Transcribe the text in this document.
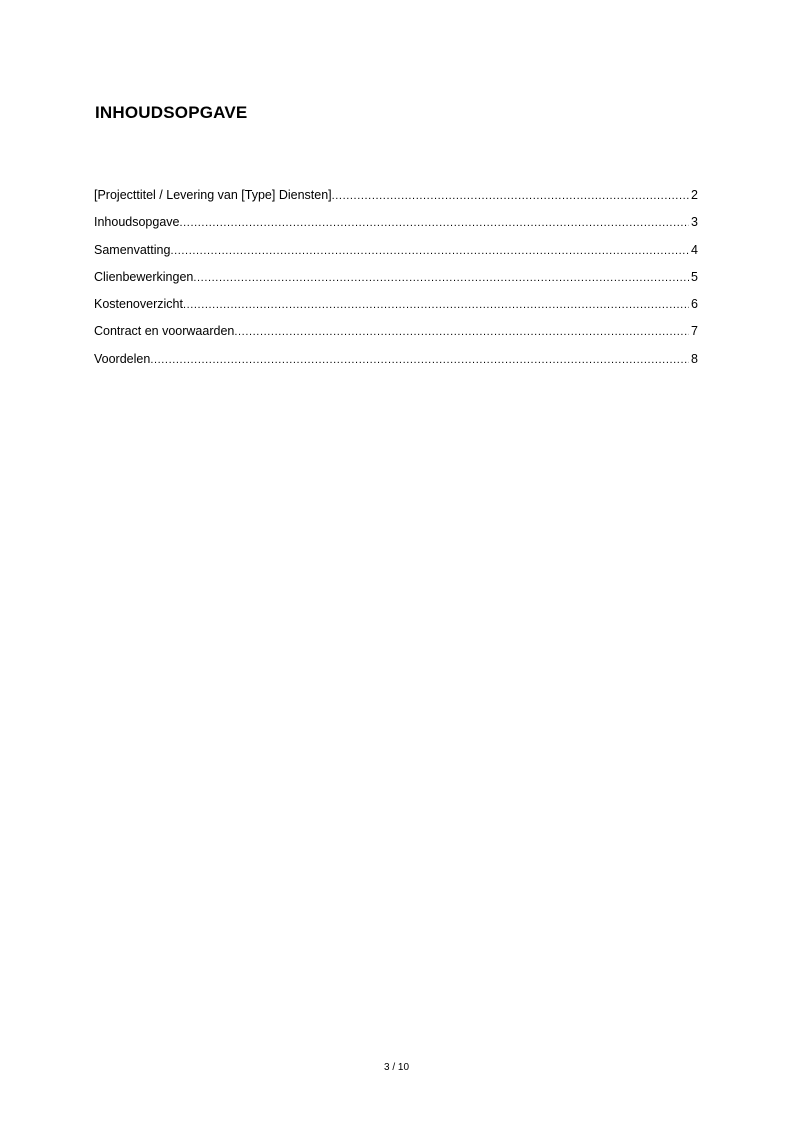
INHOUDSOPGAVE
[Projecttitel / Levering van [Type] Diensten] .....	2
Inhoudsopgave .....	3
Samenvatting .....	4
Clienbewerkingen .....	5
Kostenoverzicht .....	6
Contract en voorwaarden .....	7
Voordelen .....	8
3 / 10
